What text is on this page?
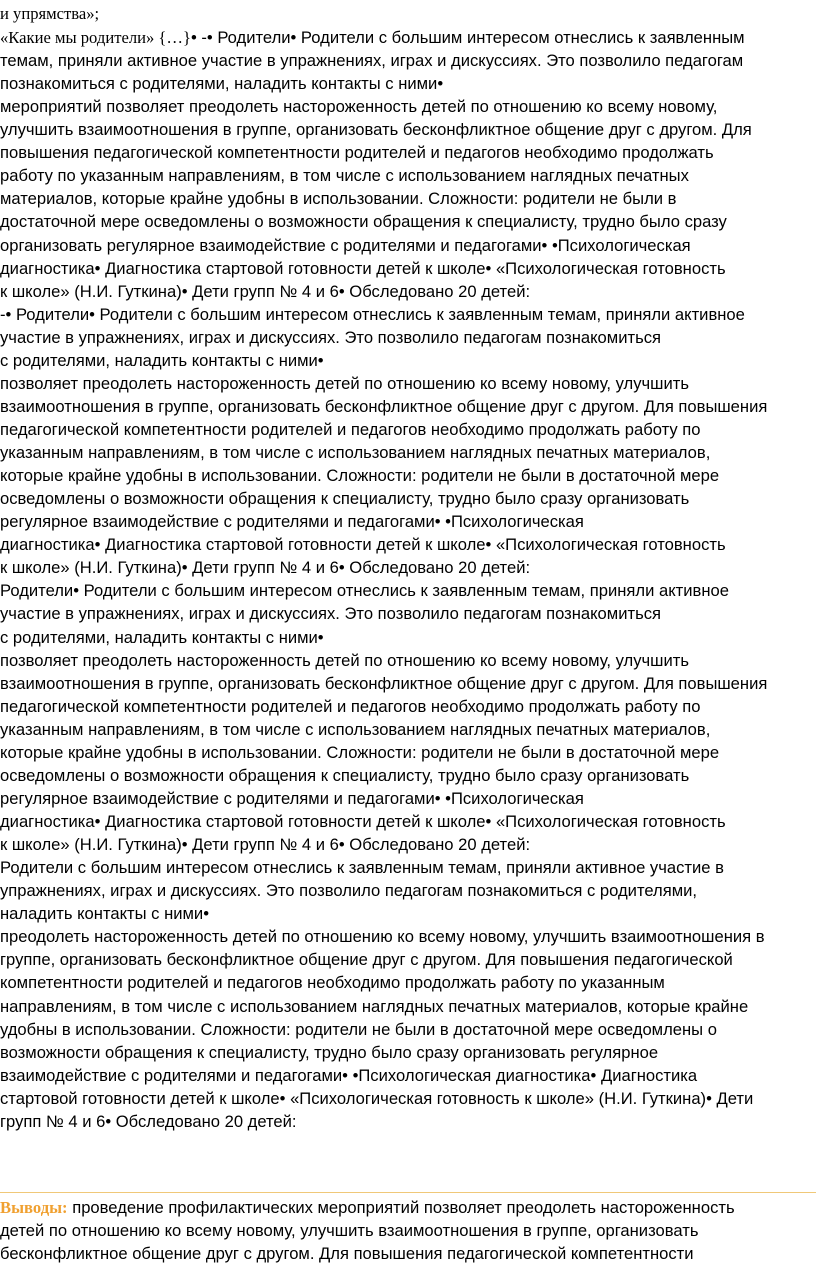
и упрямства»;
«Какие мы родители» {…}• -• Родители• Родители с большим интересом отнеслись к заявленным
темам, приняли активное участие в упражнениях, играх и дискуссиях. Это позволило педагогам
познакомиться с родителями, наладить контакты с ними•
мероприятий позволяет преодолеть настороженность детей по отношению ко всему новому,
улучшить взаимоотношения в группе, организовать бесконфликтное общение друг с другом. Для
повышения педагогической компетентности родителей и педагогов необходимо продолжать
работу по указанным направлениям, в том числе с использованием наглядных печатных
материалов, которые крайне удобны в использовании. Сложности: родители не были в
достаточной мере осведомлены о возможности обращения к специалисту, трудно было сразу
организовать регулярное взаимодействие с родителями и педагогами• •Психологическая
диагностика• Диагностика стартовой готовности детей к школе• «Психологическая готовность
к школе» (Н.И. Гуткина)• Дети групп № 4 и 6• Обследовано 20 детей:
-• Родители• Родители с большим интересом отнеслись к заявленным темам, приняли активное
участие в упражнениях, играх и дискуссиях. Это позволило педагогам познакомиться
с родителями, наладить контакты с ними•
позволяет преодолеть настороженность детей по отношению ко всему новому, улучшить
взаимоотношения в группе, организовать бесконфликтное общение друг с другом. Для повышения
педагогической компетентности родителей и педагогов необходимо продолжать работу по
указанным направлениям, в том числе с использованием наглядных печатных материалов,
которые крайне удобны в использовании. Сложности: родители не были в достаточной мере
осведомлены о возможности обращения к специалисту, трудно было сразу организовать
регулярное взаимодействие с родителями и педагогами• •Психологическая
диагностика• Диагностика стартовой готовности детей к школе• «Психологическая готовность
к школе» (Н.И. Гуткина)• Дети групп № 4 и 6• Обследовано 20 детей:
Родители• Родители с большим интересом отнеслись к заявленным темам, приняли активное
участие в упражнениях, играх и дискуссиях. Это позволило педагогам познакомиться
с родителями, наладить контакты с ними•
позволяет преодолеть настороженность детей по отношению ко всему новому, улучшить
взаимоотношения в группе, организовать бесконфликтное общение друг с другом. Для повышения
педагогической компетентности родителей и педагогов необходимо продолжать работу по
указанным направлениям, в том числе с использованием наглядных печатных материалов,
которые крайне удобны в использовании. Сложности: родители не были в достаточной мере
осведомлены о возможности обращения к специалисту, трудно было сразу организовать
регулярное взаимодействие с родителями и педагогами• •Психологическая
диагностика• Диагностика стартовой готовности детей к школе• «Психологическая готовность
к школе» (Н.И. Гуткина)• Дети групп № 4 и 6• Обследовано 20 детей:
Родители с большим интересом отнеслись к заявленным темам, приняли активное участие в
упражнениях, играх и дискуссиях. Это позволило педагогам познакомиться с родителями,
наладить контакты с ними•
преодолеть настороженность детей по отношению ко всему новому, улучшить взаимоотношения в
группе, организовать бесконфликтное общение друг с другом. Для повышения педагогической
компетентности родителей и педагогов необходимо продолжать работу по указанным
направлениям, в том числе с использованием наглядных печатных материалов, которые крайне
удобны в использовании. Сложности: родители не были в достаточной мере осведомлены о
возможности обращения к специалисту, трудно было сразу организовать регулярное
взаимодействие с родителями и педагогами• •Психологическая диагностика• Диагностика
стартовой готовности детей к школе• «Психологическая готовность к школе» (Н.И. Гуткина)• Дети
групп № 4 и 6• Обследовано 20 детей:
Выводы: проведение профилактических мероприятий позволяет преодолеть настороженность
детей по отношению ко всему новому, улучшить взаимоотношения в группе, организовать
бесконфликтное общение друг с другом. Для повышения педагогической компетентности
